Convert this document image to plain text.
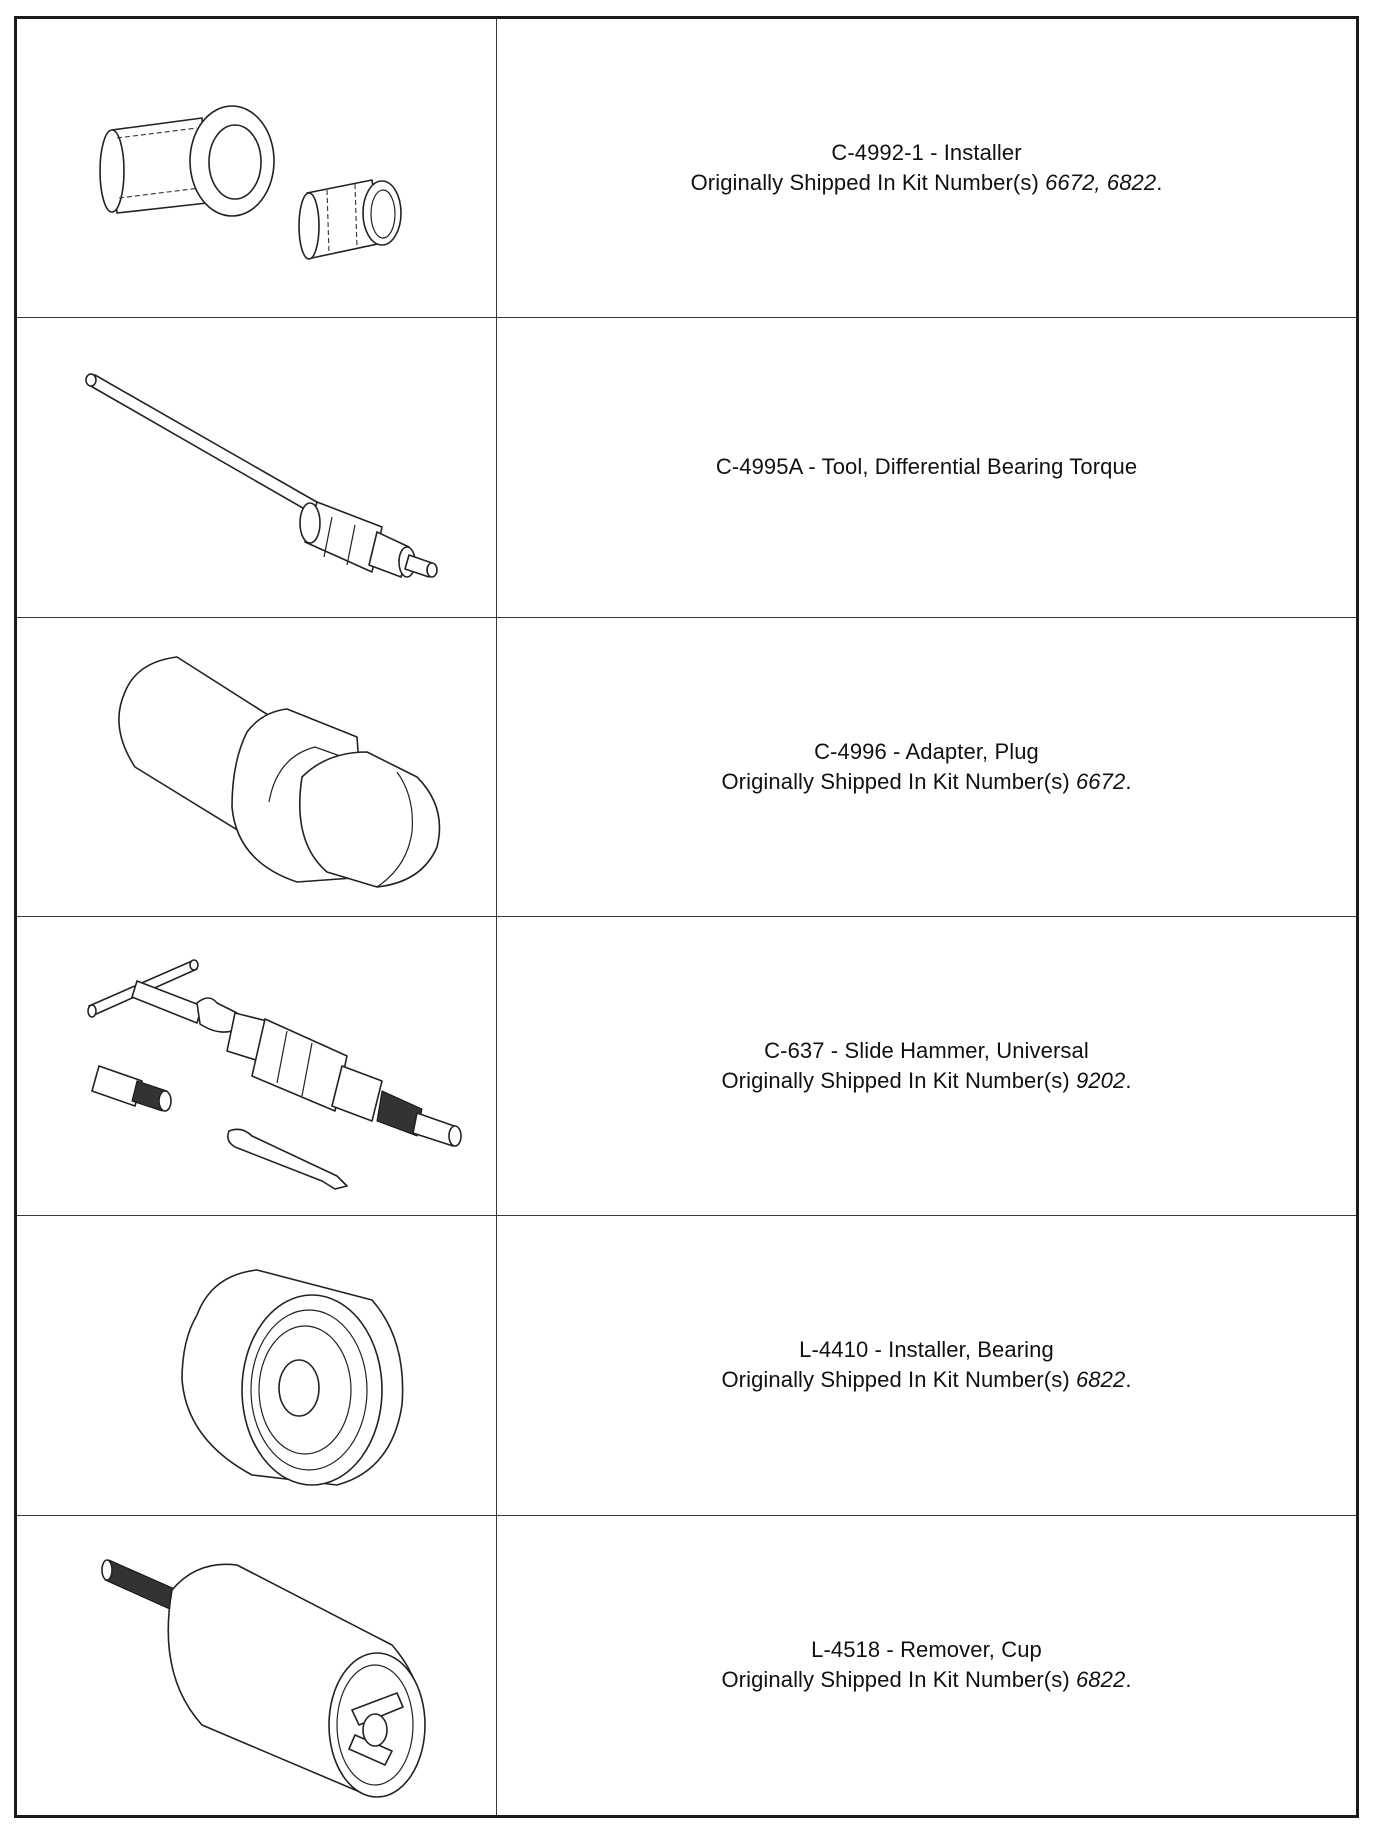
C-4992-1 - Installer
Originally Shipped In Kit Number(s) 6672, 6822.
C-4995A - Tool, Differential Bearing Torque
C-4996 - Adapter, Plug
Originally Shipped In Kit Number(s) 6672.
C-637 - Slide Hammer, Universal
Originally Shipped In Kit Number(s) 9202.
L-4410 - Installer, Bearing
Originally Shipped In Kit Number(s) 6822.
L-4518 - Remover, Cup
Originally Shipped In Kit Number(s) 6822.
